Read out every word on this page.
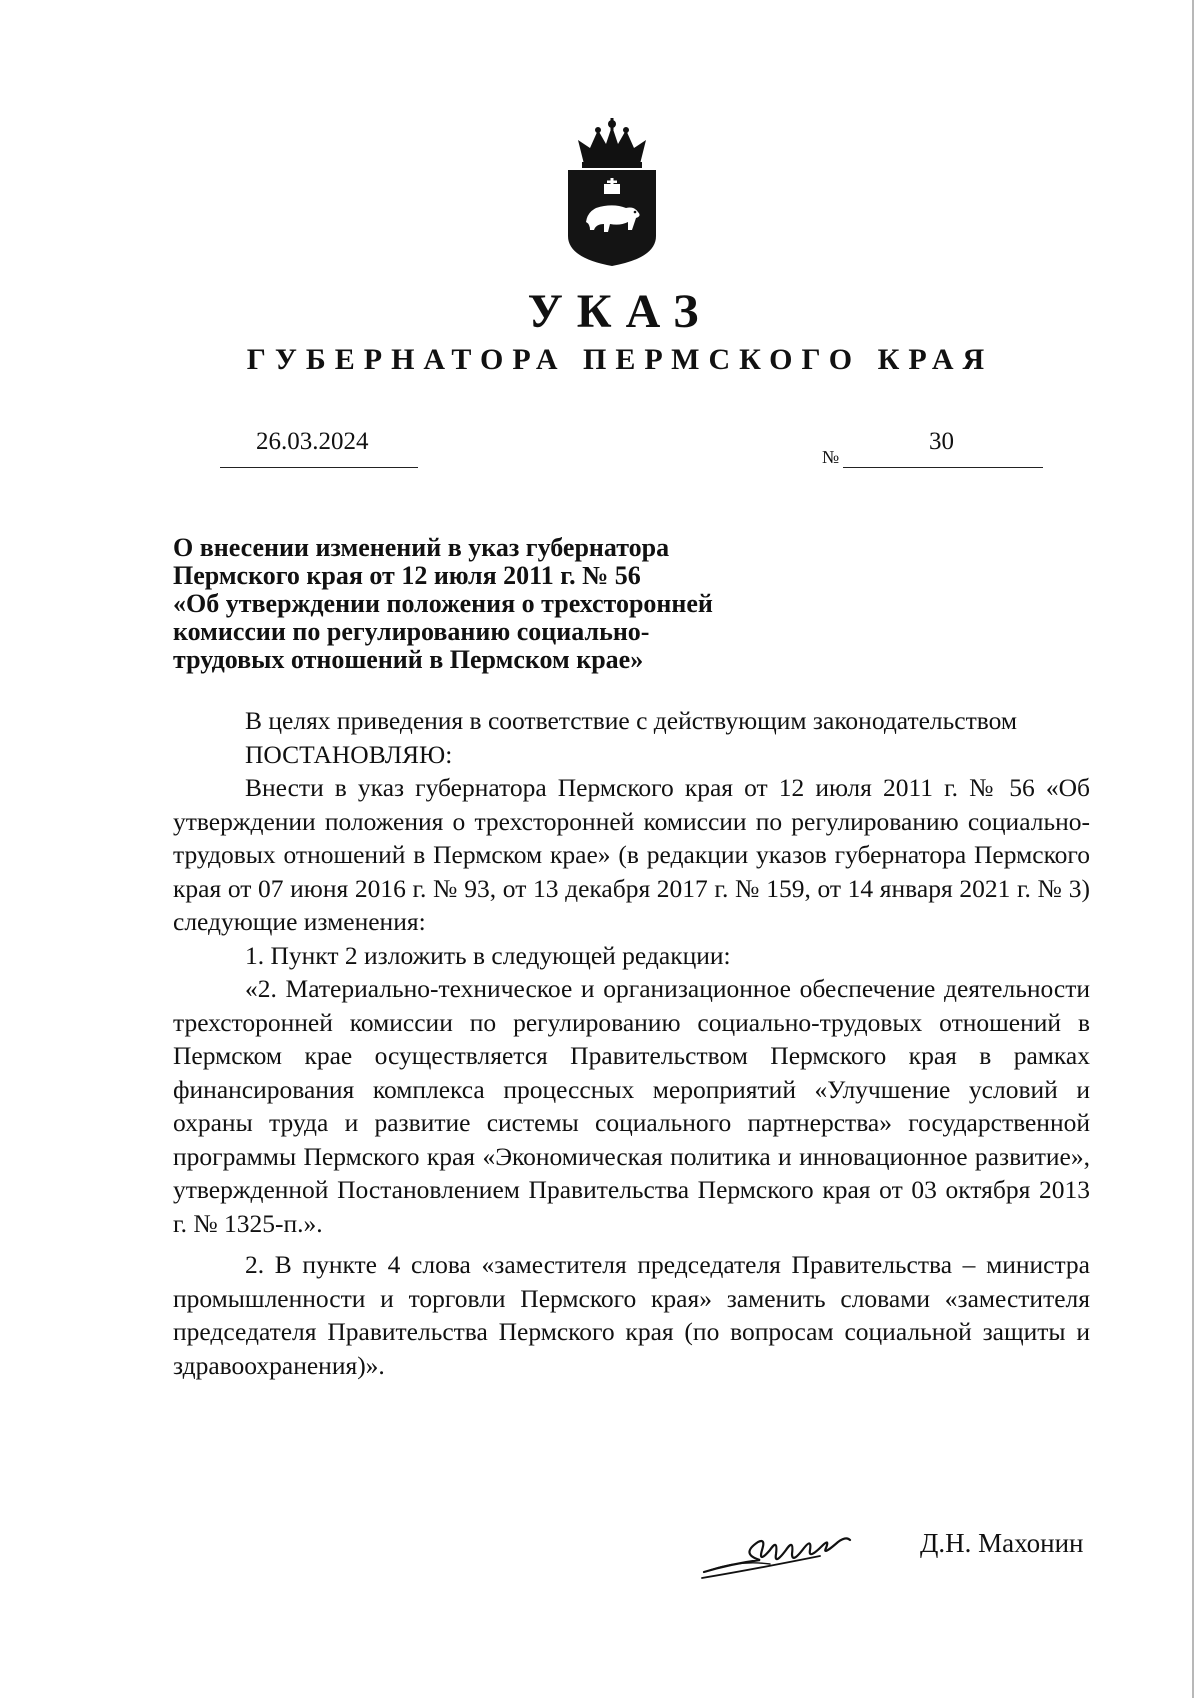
УКАЗ
ГУБЕРНАТОРА ПЕРМСКОГО КРАЯ
26.03.2024
№
30
О внесении изменений в указ губернатора
Пермского края от 12 июля 2011 г. № 56
«Об утверждении положения о трехсторонней
комиссии по регулированию социально-
трудовых отношений в Пермском крае»

В целях приведения в соответствие с действующим законодательством

ПОСТАНОВЛЯЮ:

Внести в указ губернатора Пермского края от 12 июля 2011 г. № 56 «Об утверждении положения о трехсторонней комиссии по регулированию социально-трудовых отношений в Пермском крае» (в редакции указов губернатора Пермского края от 07 июня 2016 г. № 93, от 13 декабря 2017 г. № 159, от 14 января 2021 г. № 3) следующие изменения:

1. Пункт 2 изложить в следующей редакции:

«2. Материально-техническое и организационное обеспечение деятельности трехсторонней комиссии по регулированию социально-трудовых отношений в Пермском крае осуществляется Правительством Пермского края в рамках финансирования комплекса процессных мероприятий «Улучшение условий и охраны труда и развитие системы социального партнерства» государственной программы Пермского края «Экономическая политика и инновационное развитие», утвержденной Постановлением Правительства Пермского края от 03 октября 2013 г. № 1325-п.».

2. В пункте 4 слова «заместителя председателя Правительства – министра промышленности и торговли Пермского края» заменить словами «заместителя председателя Правительства Пермского края (по вопросам социальной защиты и здравоохранения)».

Д.Н. Махонин
